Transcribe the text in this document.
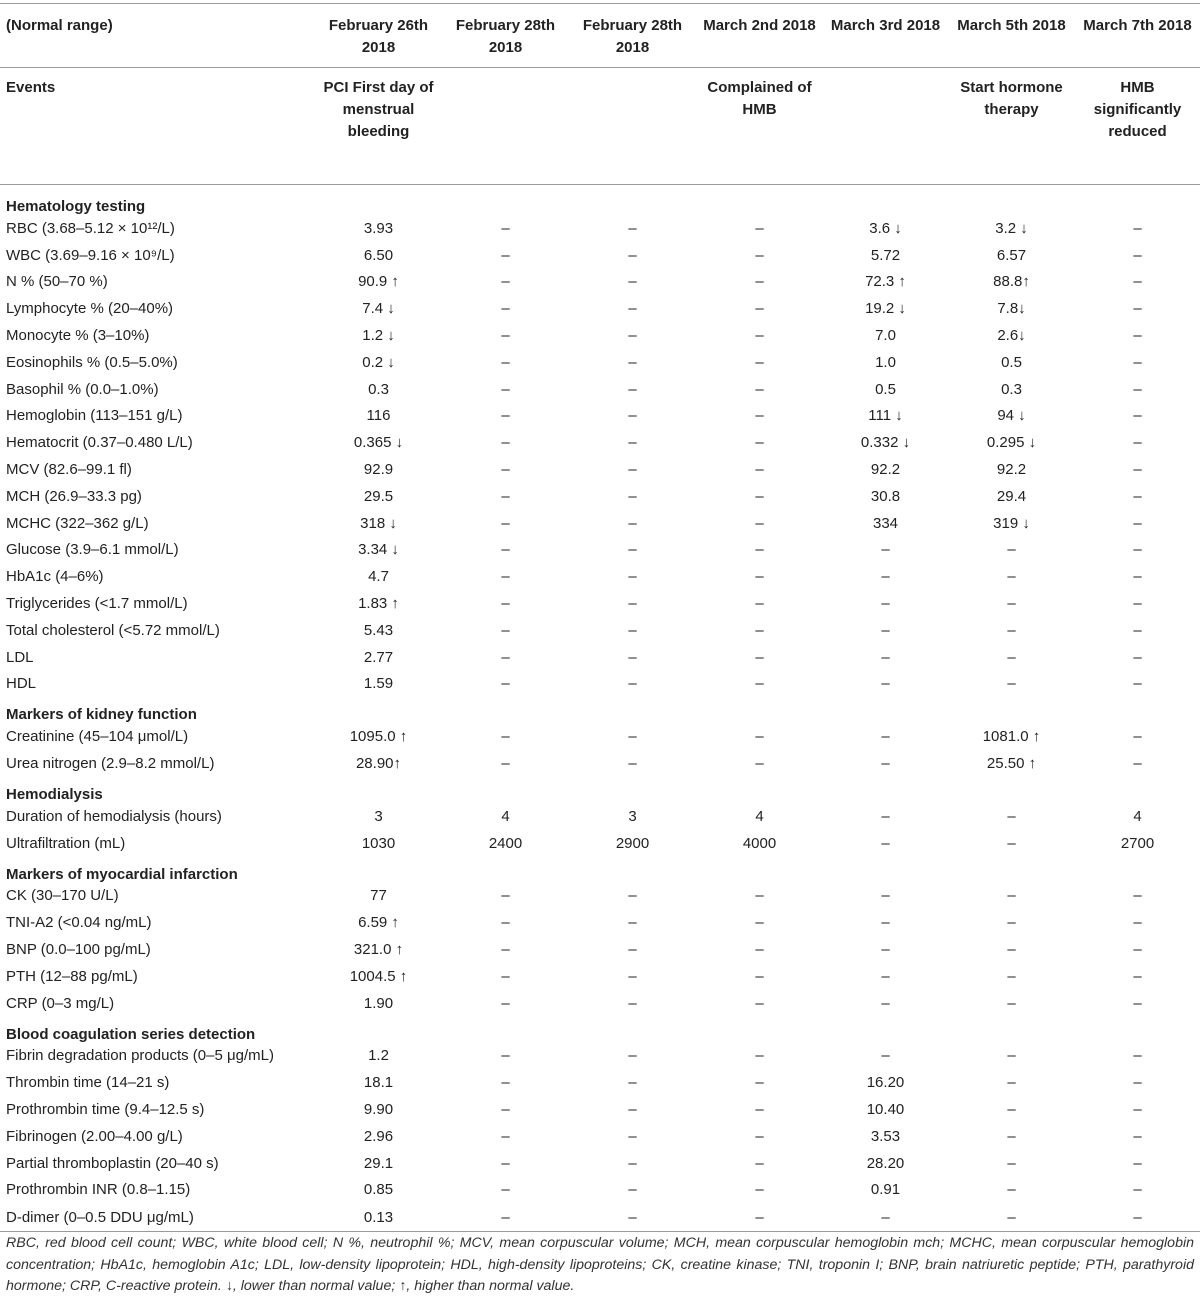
(Normal range)	February 26th 2018	February 28th 2018	February 28th 2018	March 2nd 2018	March 3rd 2018	March 5th 2018	March 7th 2018
Events	PCI First day of menstrual bleeding			Complained of HMB		Start hormone therapy	HMB significantly reduced
Hematology testing							
RBC (3.68–5.12 × 10¹²/L)	3.93	–	–	–	3.6 ↓	3.2 ↓	–
WBC (3.69–9.16 × 10⁹/L)	6.50	–	–	–	5.72	6.57	–
N % (50–70 %)	90.9 ↑	–	–	–	72.3 ↑	88.8↑	–
Lymphocyte % (20–40%)	7.4 ↓	–	–	–	19.2 ↓	7.8↓	–
Monocyte % (3–10%)	1.2 ↓	–	–	–	7.0	2.6↓	–
Eosinophils % (0.5–5.0%)	0.2 ↓	–	–	–	1.0	0.5	–
Basophil % (0.0–1.0%)	0.3	–	–	–	0.5	0.3	–
Hemoglobin (113–151 g/L)	116	–	–	–	111 ↓	94 ↓	–
Hematocrit (0.37–0.480 L/L)	0.365 ↓	–	–	–	0.332 ↓	0.295 ↓	–
MCV (82.6–99.1 fl)	92.9	–	–	–	92.2	92.2	–
MCH (26.9–33.3 pg)	29.5	–	–	–	30.8	29.4	–
MCHC (322–362 g/L)	318 ↓	–	–	–	334	319 ↓	–
Glucose (3.9–6.1 mmol/L)	3.34 ↓	–	–	–	–	–	–
HbA1c (4–6%)	4.7	–	–	–	–	–	–
Triglycerides (<1.7 mmol/L)	1.83 ↑	–	–	–	–	–	–
Total cholesterol (<5.72 mmol/L)	5.43	–	–	–	–	–	–
LDL	2.77	–	–	–	–	–	–
HDL	1.59	–	–	–	–	–	–
Markers of kidney function							
Creatinine (45–104 μmol/L)	1095.0 ↑	–	–	–	–	1081.0 ↑	–
Urea nitrogen (2.9–8.2 mmol/L)	28.90↑	–	–	–	–	25.50 ↑	–
Hemodialysis							
Duration of hemodialysis (hours)	3	4	3	4	–	–	4
Ultrafiltration (mL)	1030	2400	2900	4000	–	–	2700
Markers of myocardial infarction							
CK (30–170 U/L)	77	–	–	–	–	–	–
TNI-A2 (<0.04 ng/mL)	6.59 ↑	–	–	–	–	–	–
BNP (0.0–100 pg/mL)	321.0 ↑	–	–	–	–	–	–
PTH (12–88 pg/mL)	1004.5 ↑	–	–	–	–	–	–
CRP (0–3 mg/L)	1.90	–	–	–	–	–	–
Blood coagulation series detection							
Fibrin degradation products (0–5 μg/mL)	1.2	–	–	–	–	–	–
Thrombin time (14–21 s)	18.1	–	–	–	16.20	–	–
Prothrombin time (9.4–12.5 s)	9.90	–	–	–	10.40	–	–
Fibrinogen (2.00–4.00 g/L)	2.96	–	–	–	3.53	–	–
Partial thromboplastin (20–40 s)	29.1	–	–	–	28.20	–	–
Prothrombin INR (0.8–1.15)	0.85	–	–	–	0.91	–	–
D-dimer (0–0.5 DDU μg/mL)	0.13	–	–	–	–	–	–
RBC, red blood cell count; WBC, white blood cell; N %, neutrophil %; MCV, mean corpuscular volume; MCH, mean corpuscular hemoglobin mch; MCHC, mean corpuscular hemoglobin concentration; HbA1c, hemoglobin A1c; LDL, low-density lipoprotein; HDL, high-density lipoproteins; CK, creatine kinase; TNI, troponin I; BNP, brain natriuretic peptide; PTH, parathyroid hormone; CRP, C-reactive protein. ↓, lower than normal value; ↑, higher than normal value.
